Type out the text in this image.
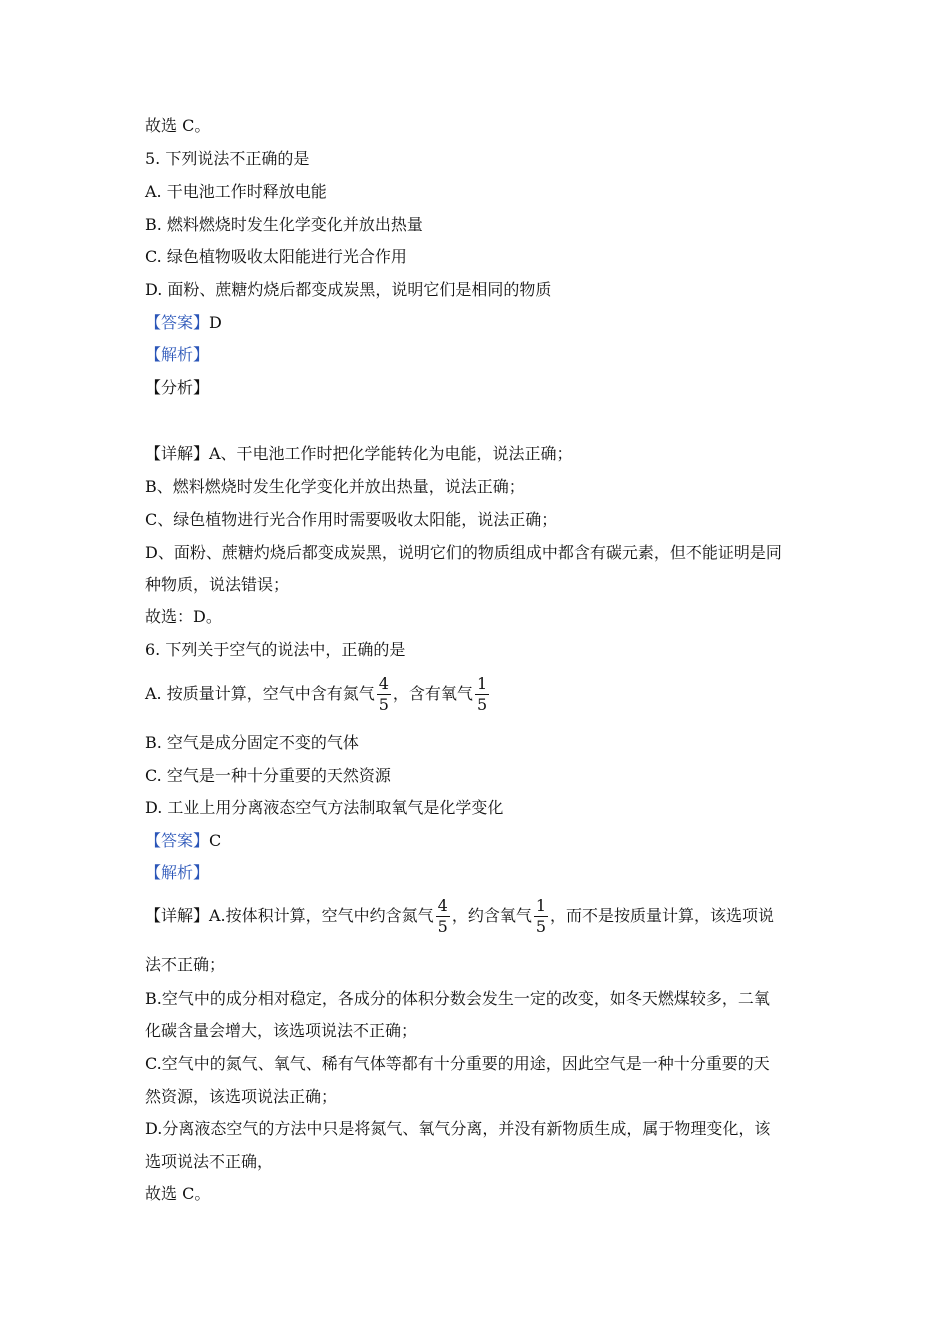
故选 C。
5. 下列说法不正确的是
A. 干电池工作时释放电能
B. 燃料燃烧时发生化学变化并放出热量
C. 绿色植物吸收太阳能进行光合作用
D. 面粉、蔗糖灼烧后都变成炭黑，说明它们是相同的物质
【答案】D
【解析】
【分析】
【详解】A、干电池工作时把化学能转化为电能，说法正确；
B、燃料燃烧时发生化学变化并放出热量，说法正确；
C、绿色植物进行光合作用时需要吸收太阳能，说法正确；
D、面粉、蔗糖灼烧后都变成炭黑，说明它们的物质组成中都含有碳元素，但不能证明是同
种物质，说法错误；
故选：D。
6. 下列关于空气的说法中，正确的是
A. 按质量计算，空气中含有氮气 $\frac{4}{5}$ ，含有氧气 $\frac{1}{5}$
B. 空气是成分固定不变的气体
C. 空气是一种十分重要的天然资源
D. 工业上用分离液态空气方法制取氧气是化学变化
【答案】C
【解析】
【详解】A.按体积计算，空气中约含氮气 $\frac{4}{5}$ ，约含氧气 $\frac{1}{5}$ ，而不是按质量计算，该选项说
法不正确；
B.空气中的成分相对稳定，各成分的体积分数会发生一定的改变，如冬天燃煤较多，二氧
化碳含量会增大，该选项说法不正确；
C.空气中的氮气、氧气、稀有气体等都有十分重要的用途，因此空气是一种十分重要的天
然资源，该选项说法正确；
D.分离液态空气的方法中只是将氮气、氧气分离，并没有新物质生成，属于物理变化，该
选项说法不正确，
故选 C。
